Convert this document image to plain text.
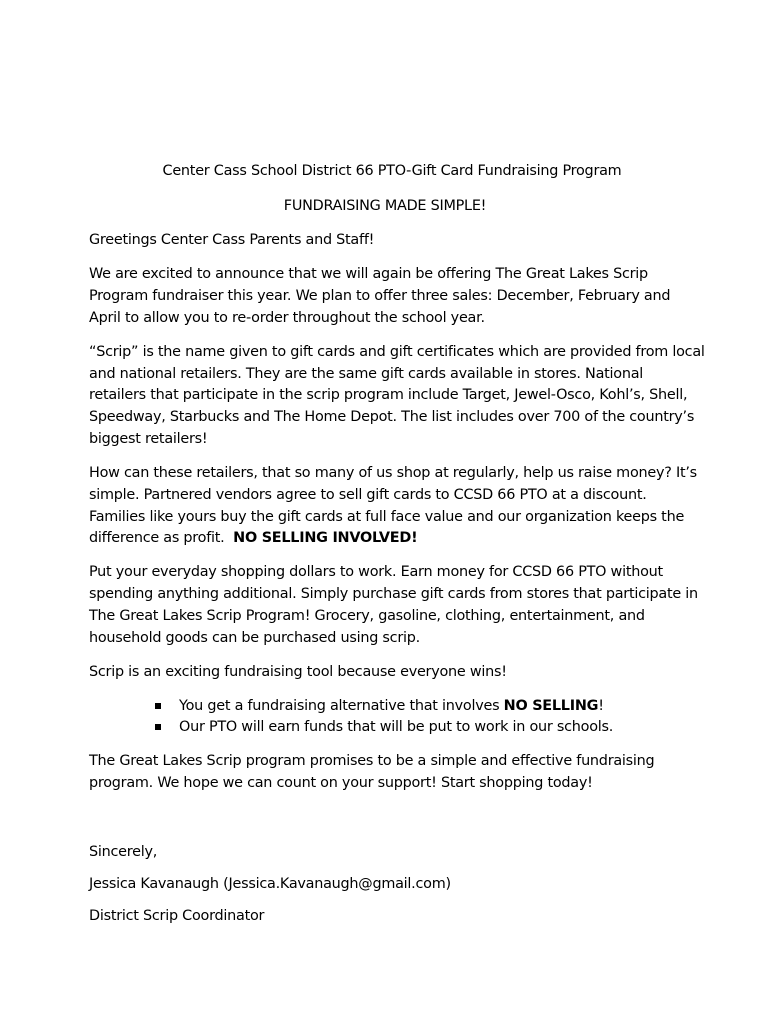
Center Cass School District 66 PTO-Gift Card Fundraising Program
FUNDRAISING MADE SIMPLE!
Greetings Center Cass Parents and Staff!
We are excited to announce that we will again be offering The Great Lakes Scrip
Program fundraiser this year. We plan to offer three sales: December, February and
April to allow you to re-order throughout the school year.
“Scrip” is the name given to gift cards and gift certificates which are provided from local
and national retailers. They are the same gift cards available in stores. National
retailers that participate in the scrip program include Target, Jewel-Osco, Kohl’s, Shell,
Speedway, Starbucks and The Home Depot. The list includes over 700 of the country’s
biggest retailers!
How can these retailers, that so many of us shop at regularly, help us raise money? It’s
simple. Partnered vendors agree to sell gift cards to CCSD 66 PTO at a discount.
Families like yours buy the gift cards at full face value and our organization keeps the
difference as profit.  NO SELLING INVOLVED!
Put your everyday shopping dollars to work. Earn money for CCSD 66 PTO without
spending anything additional. Simply purchase gift cards from stores that participate in
The Great Lakes Scrip Program! Grocery, gasoline, clothing, entertainment, and
household goods can be purchased using scrip.
Scrip is an exciting fundraising tool because everyone wins!
You get a fundraising alternative that involves NO SELLING!
Our PTO will earn funds that will be put to work in our schools.
The Great Lakes Scrip program promises to be a simple and effective fundraising
program. We hope we can count on your support! Start shopping today!
Sincerely,
Jessica Kavanaugh (Jessica.Kavanaugh@gmail.com)
District Scrip Coordinator
